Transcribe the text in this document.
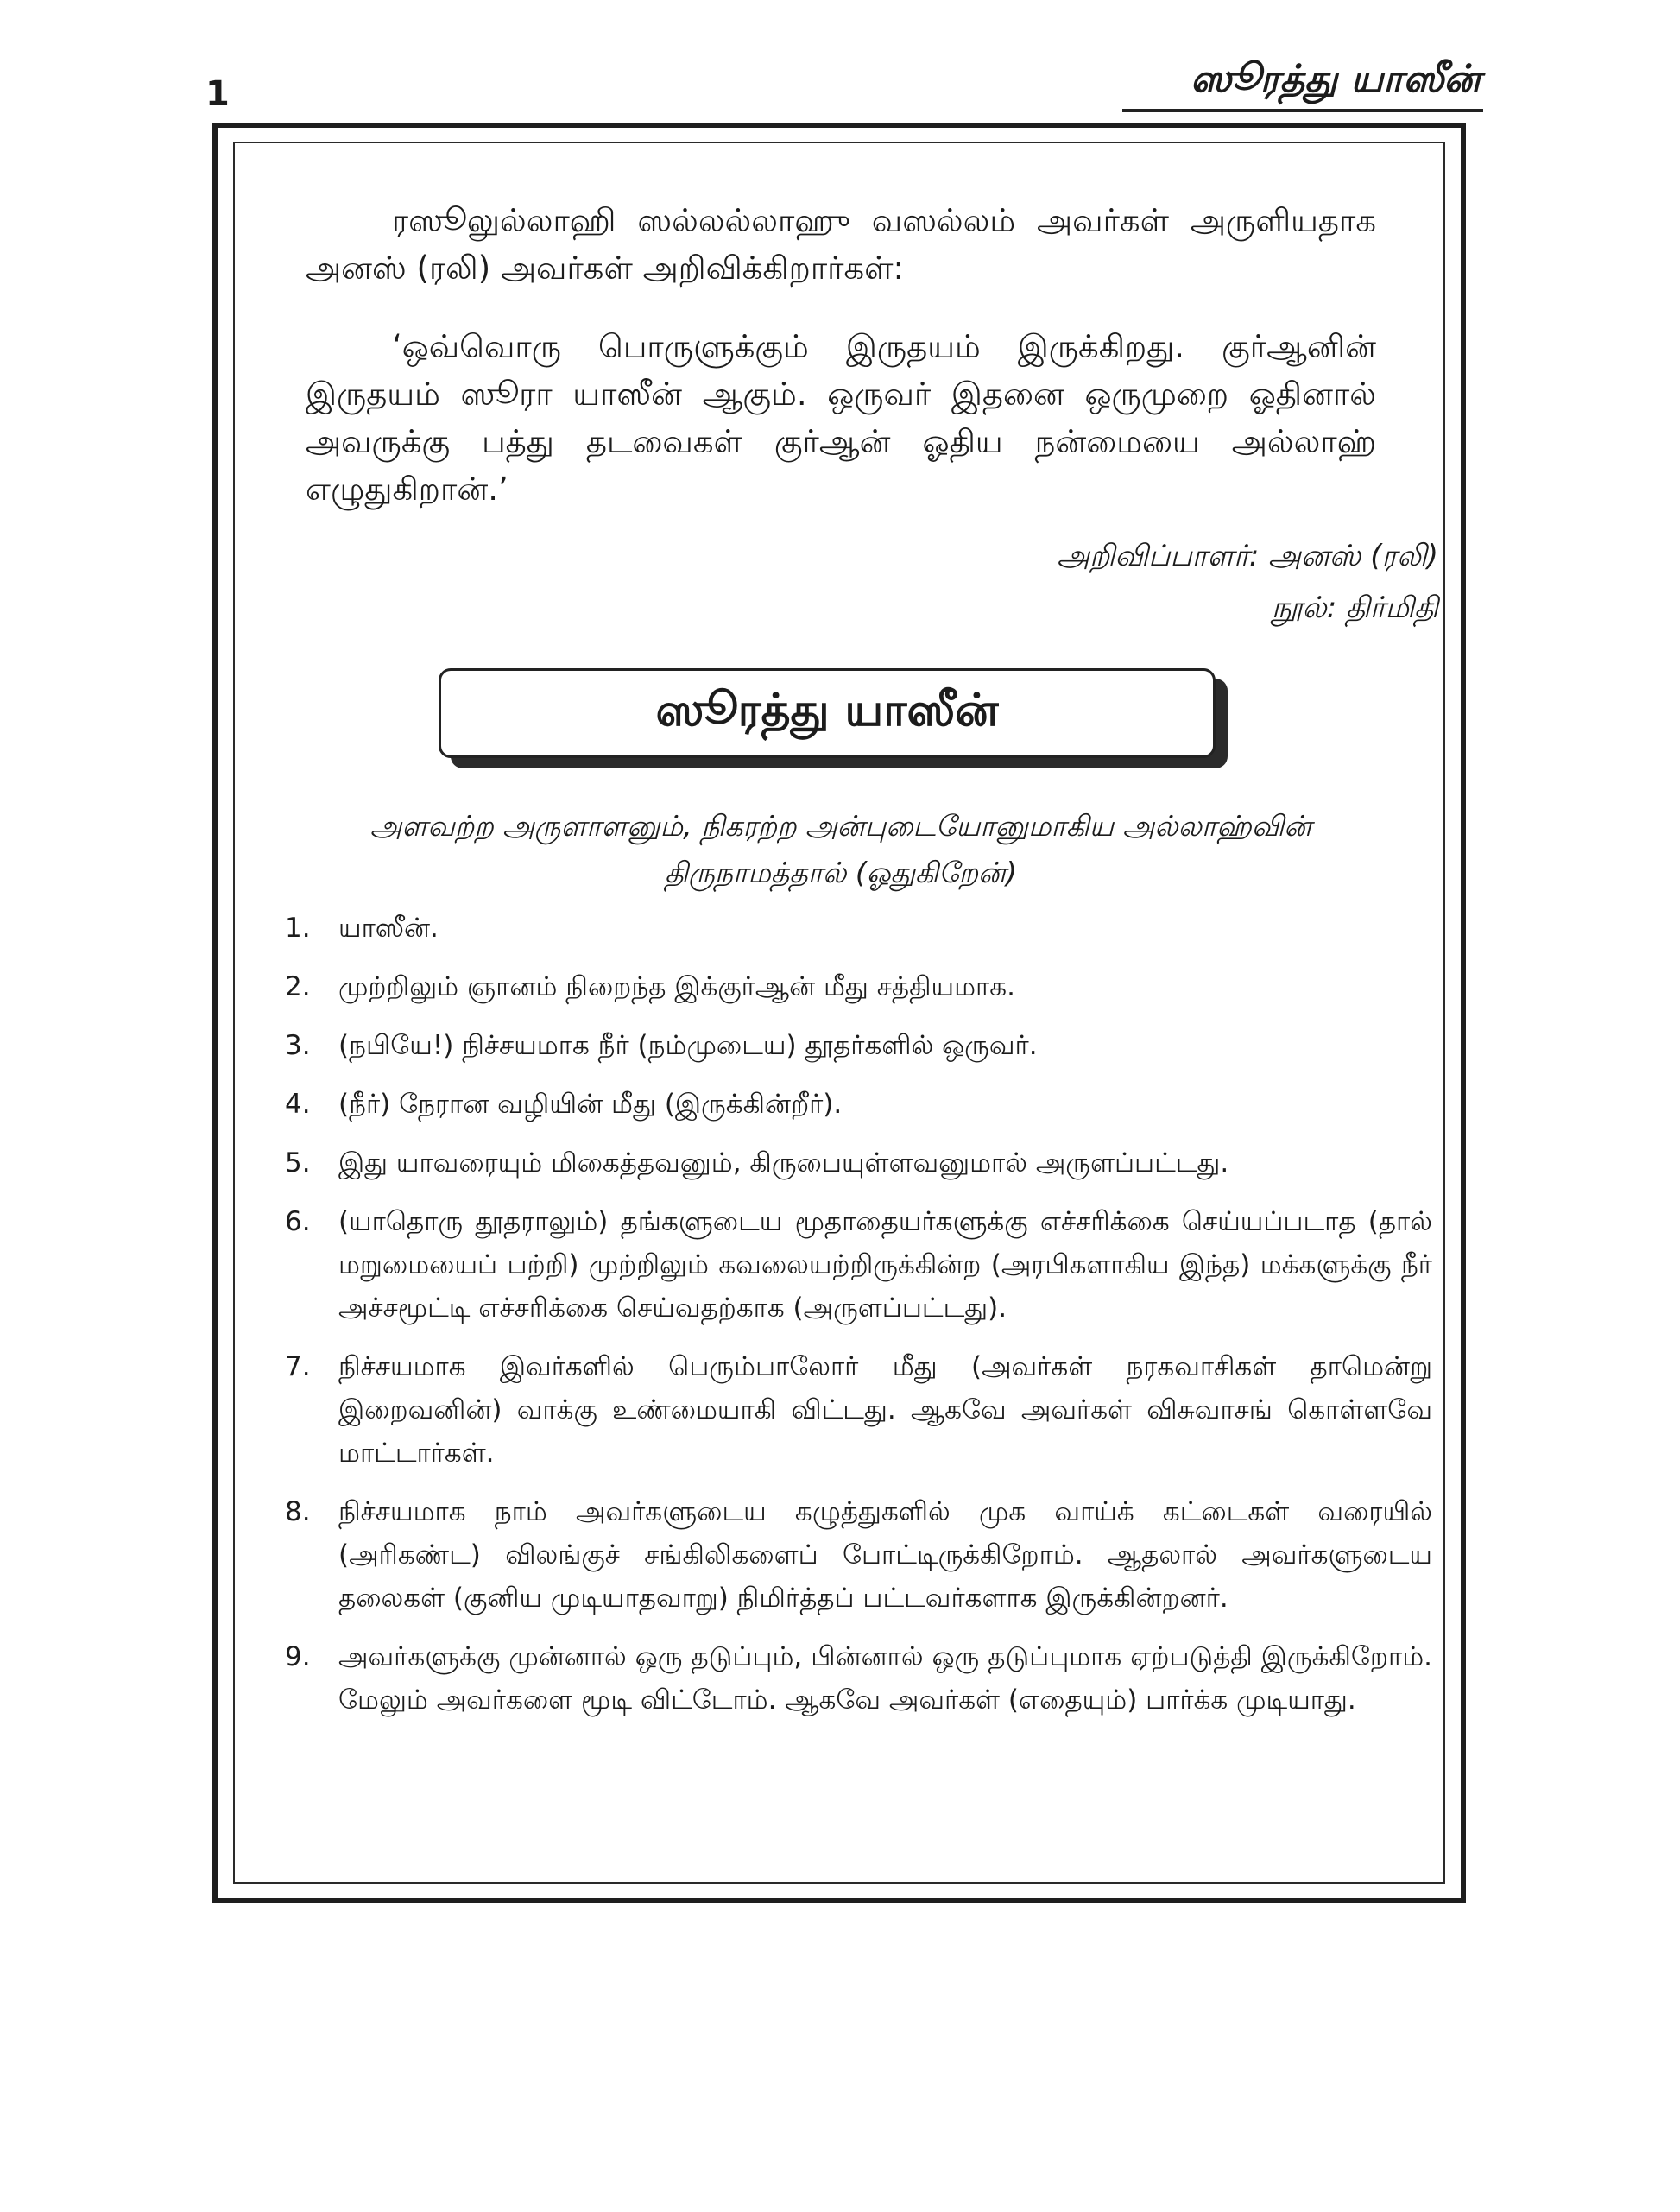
1	ஸூரத்து யாஸீன்

ரஸூலுல்லாஹி ஸல்லல்லாஹு வஸல்லம் அவர்கள் அருளியதாக அனஸ் (ரலி) அவர்கள் அறிவிக்கிறார்கள்:

‘ஒவ்வொரு பொருளுக்கும் இருதயம் இருக்கிறது. குர்ஆனின் இருதயம் ஸூரா யாஸீன் ஆகும். ஒருவர் இதனை ஒருமுறை ஓதினால் அவருக்கு பத்து தடவைகள் குர்ஆன் ஓதிய நன்மையை அல்லாஹ் எழுதுகிறான்.’

அறிவிப்பாளர்: அனஸ் (ரலி)
நூல்: திர்மிதி
ஸூரத்து யாஸீன்

அளவற்ற அருளாளனும், நிகரற்ற அன்புடையோனுமாகிய அல்லாஹ்வின்
திருநாமத்தால் (ஓதுகிறேன்)

1.	யாஸீன்.
2.	முற்றிலும் ஞானம் நிறைந்த இக்குர்ஆன் மீது சத்தியமாக.
3.	(நபியே!) நிச்சயமாக நீர் (நம்முடைய) தூதர்களில் ஒருவர்.
4.	(நீர்) நேரான வழியின் மீது (இருக்கின்றீர்).
5.	இது யாவரையும் மிகைத்தவனும், கிருபையுள்ளவனுமால் அருளப்பட்டது.
6.	(யாதொரு தூதராலும்) தங்களுடைய மூதாதையர்களுக்கு எச்சரிக்கை செய்யப்படாத (தால் மறுமையைப் பற்றி) முற்றிலும் கவலையற்றிருக்கின்ற (அரபிகளாகிய இந்த) மக்களுக்கு நீர் அச்சமூட்டி எச்சரிக்கை செய்வதற்காக (அருளப்பட்டது).
7.	நிச்சயமாக இவர்களில் பெரும்பாலோர் மீது (அவர்கள் நரகவாசிகள் தாமென்று இறைவனின்) வாக்கு உண்மையாகி விட்டது. ஆகவே அவர்கள் விசுவாசங் கொள்ளவே மாட்டார்கள்.
8.	நிச்சயமாக நாம் அவர்களுடைய கழுத்துகளில் முக வாய்க் கட்டைகள் வரையில் (அரிகண்ட) விலங்குச் சங்கிலிகளைப் போட்டிருக்கிறோம். ஆதலால் அவர்களுடைய தலைகள் (குனிய முடியாதவாறு) நிமிர்த்தப் பட்டவர்களாக இருக்கின்றனர்.
9.	அவர்களுக்கு முன்னால் ஒரு தடுப்பும், பின்னால் ஒரு தடுப்புமாக ஏற்படுத்தி இருக்கிறோம். மேலும் அவர்களை மூடி விட்டோம். ஆகவே அவர்கள் (எதையும்) பார்க்க முடியாது.
